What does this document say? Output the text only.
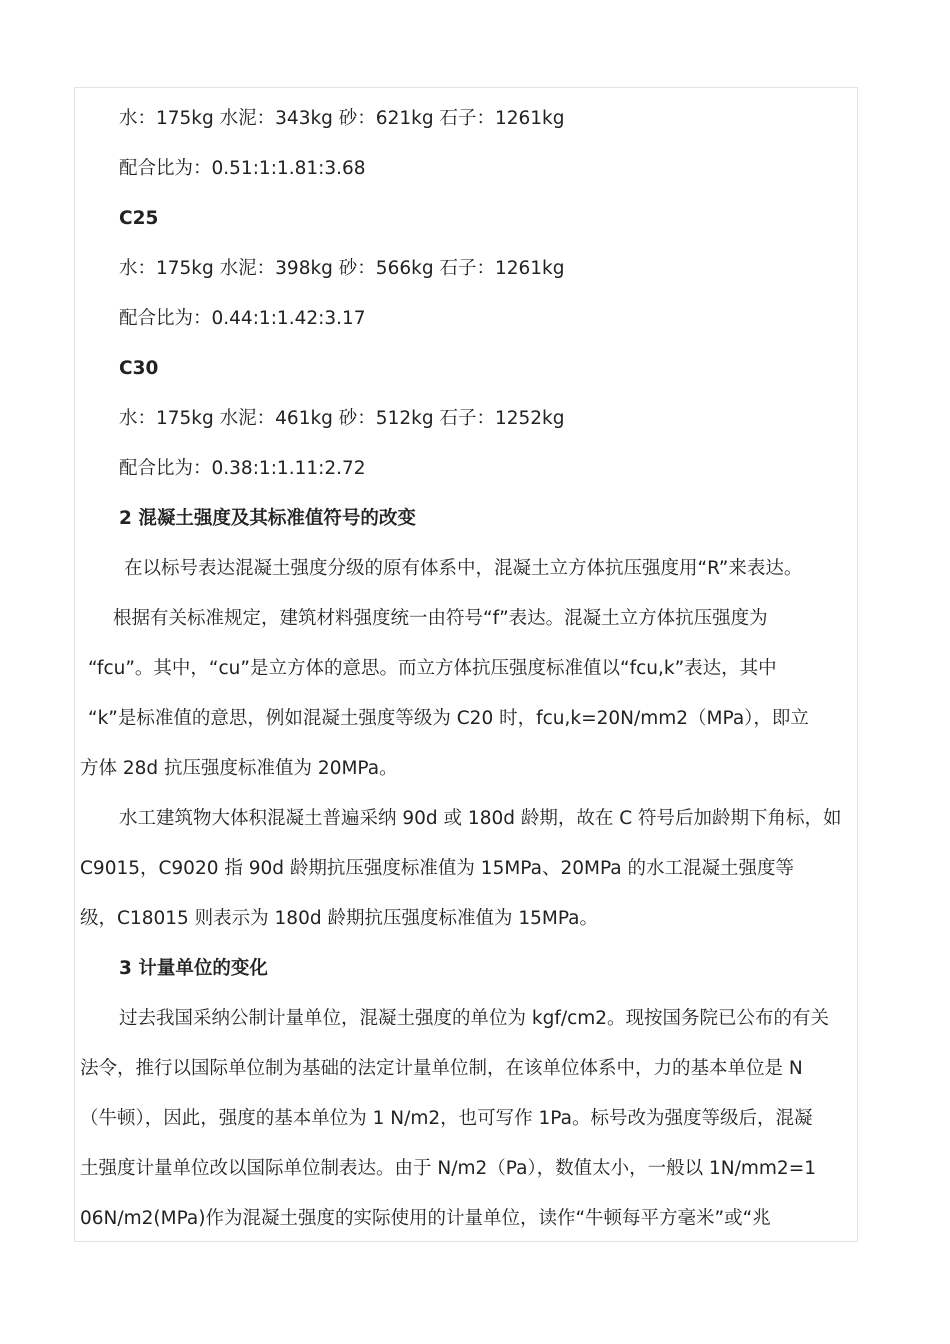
水：175kg 水泥：343kg 砂：621kg 石子：1261kg
配合比为：0.51:1:1.81:3.68
C25
水：175kg 水泥：398kg 砂：566kg 石子：1261kg
配合比为：0.44:1:1.42:3.17
C30
水：175kg 水泥：461kg 砂：512kg 石子：1252kg
配合比为：0.38:1:1.11:2.72
2 混凝土强度及其标准值符号的改变
在以标号表达混凝土强度分级的原有体系中，混凝土立方体抗压强度用“R”来表达。
根据有关标准规定，建筑材料强度统一由符号“f”表达。混凝土立方体抗压强度为
“fcu”。其中，“cu”是立方体的意思。而立方体抗压强度标准值以“fcu,k”表达，其中
“k”是标准值的意思，例如混凝土强度等级为 C20 时，fcu,k=20N/mm2（MPa），即立
方体 28d 抗压强度标准值为 20MPa。
水工建筑物大体积混凝土普遍采纳 90d 或 180d 龄期，故在 C 符号后加龄期下角标，如
C9015，C9020 指 90d 龄期抗压强度标准值为 15MPa、20MPa 的水工混凝土强度等
级，C18015 则表示为 180d 龄期抗压强度标准值为 15MPa。
3 计量单位的变化
过去我国采纳公制计量单位，混凝土强度的单位为 kgf/cm2。现按国务院已公布的有关
法令，推行以国际单位制为基础的法定计量单位制，在该单位体系中，力的基本单位是 N
（牛顿），因此，强度的基本单位为 1 N/m2，也可写作 1Pa。标号改为强度等级后，混凝
土强度计量单位改以国际单位制表达。由于 N/m2（Pa），数值太小，一般以 1N/mm2=1
06N/m2(MPa)作为混凝土强度的实际使用的计量单位，读作“牛顿每平方毫米”或“兆
